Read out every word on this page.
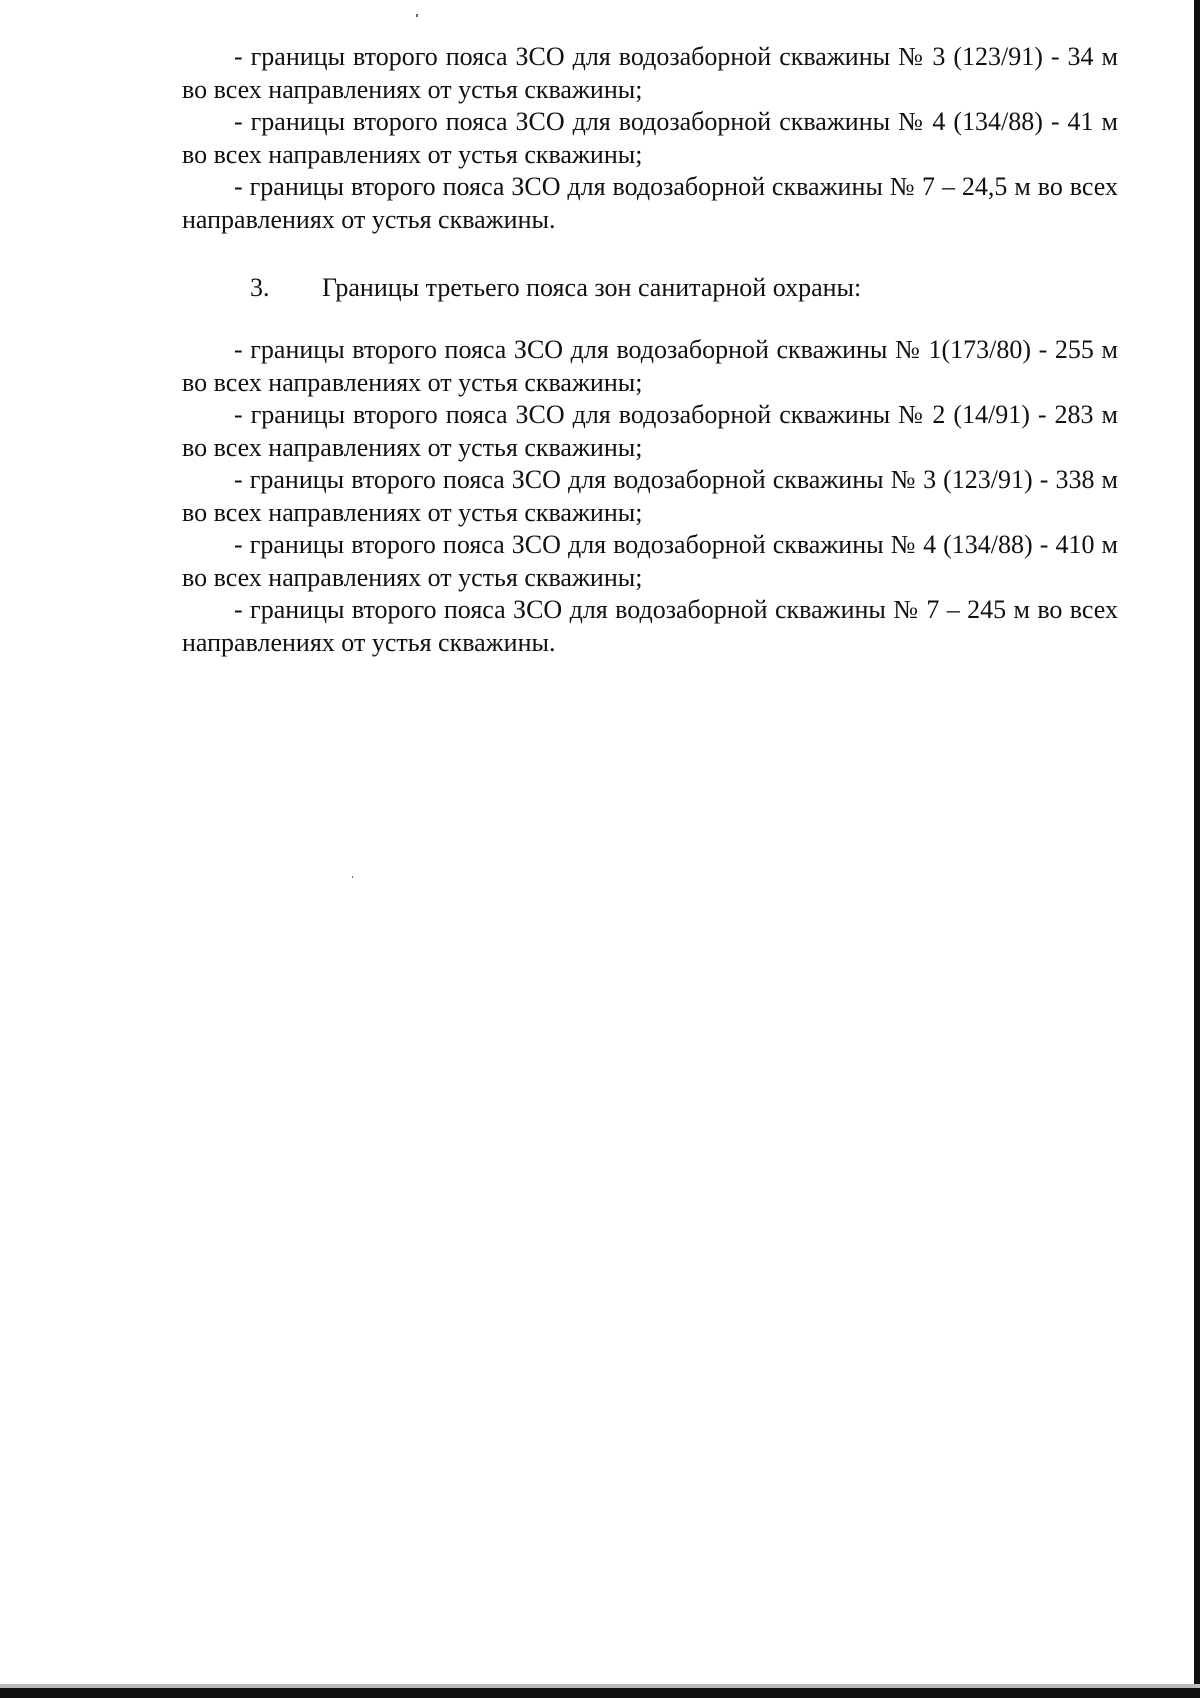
- границы второго пояса ЗСО для водозаборной скважины № 3 (123/91) - 34 м во всех направлениях от устья скважины;

- границы второго пояса ЗСО для водозаборной скважины № 4 (134/88) - 41 м во всех направлениях от устья скважины;

- границы второго пояса ЗСО для водозаборной скважины № 7 – 24,5 м во всех направлениях от устья скважины.

3. Границы третьего пояса зон санитарной охраны:

- границы второго пояса ЗСО для водозаборной скважины № 1(173/80) - 255 м во всех направлениях от устья скважины;

- границы второго пояса ЗСО для водозаборной скважины № 2 (14/91) - 283 м во всех направлениях от устья скважины;

- границы второго пояса ЗСО для водозаборной скважины № 3 (123/91) - 338 м во всех направлениях от устья скважины;

- границы второго пояса ЗСО для водозаборной скважины № 4 (134/88) - 410 м во всех направлениях от устья скважины;

- границы второго пояса ЗСО для водозаборной скважины № 7 – 245 м во всех направлениях от устья скважины.
